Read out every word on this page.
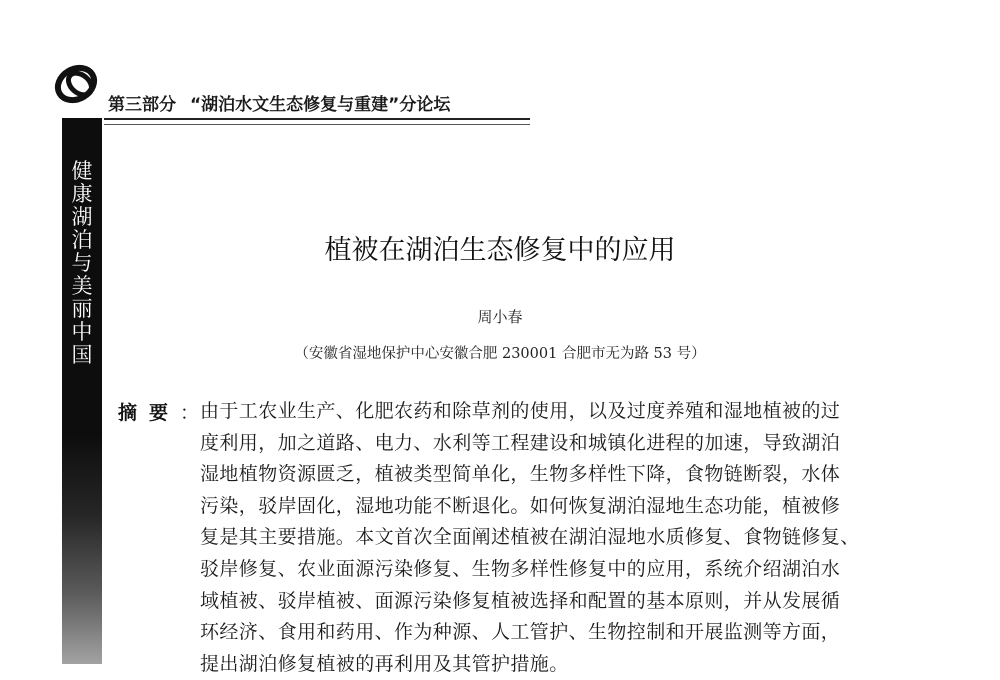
第三部分 “湖泊水文生态修复与重建”分论坛
健
康
湖
泊
与
美
丽
中
国
植被在湖泊生态修复中的应用
周小春
（安徽省湿地保护中心安徽合肥 230001 合肥市无为路 53 号）
摘要 ： 由于工农业生产、化肥农药和除草剂的使用，以及过度养殖和湿地植被的过
度利用，加之道路、电力、水利等工程建设和城镇化进程的加速，导致湖泊
湿地植物资源匮乏，植被类型简单化，生物多样性下降，食物链断裂，水体
污染，驳岸固化，湿地功能不断退化。如何恢复湖泊湿地生态功能，植被修
复是其主要措施。本文首次全面阐述植被在湖泊湿地水质修复、食物链修复、
驳岸修复、农业面源污染修复、生物多样性修复中的应用，系统介绍湖泊水
域植被、驳岸植被、面源污染修复植被选择和配置的基本原则，并从发展循
环经济、食用和药用、作为种源、人工管护、生物控制和开展监测等方面，
提出湖泊修复植被的再利用及其管护措施。
